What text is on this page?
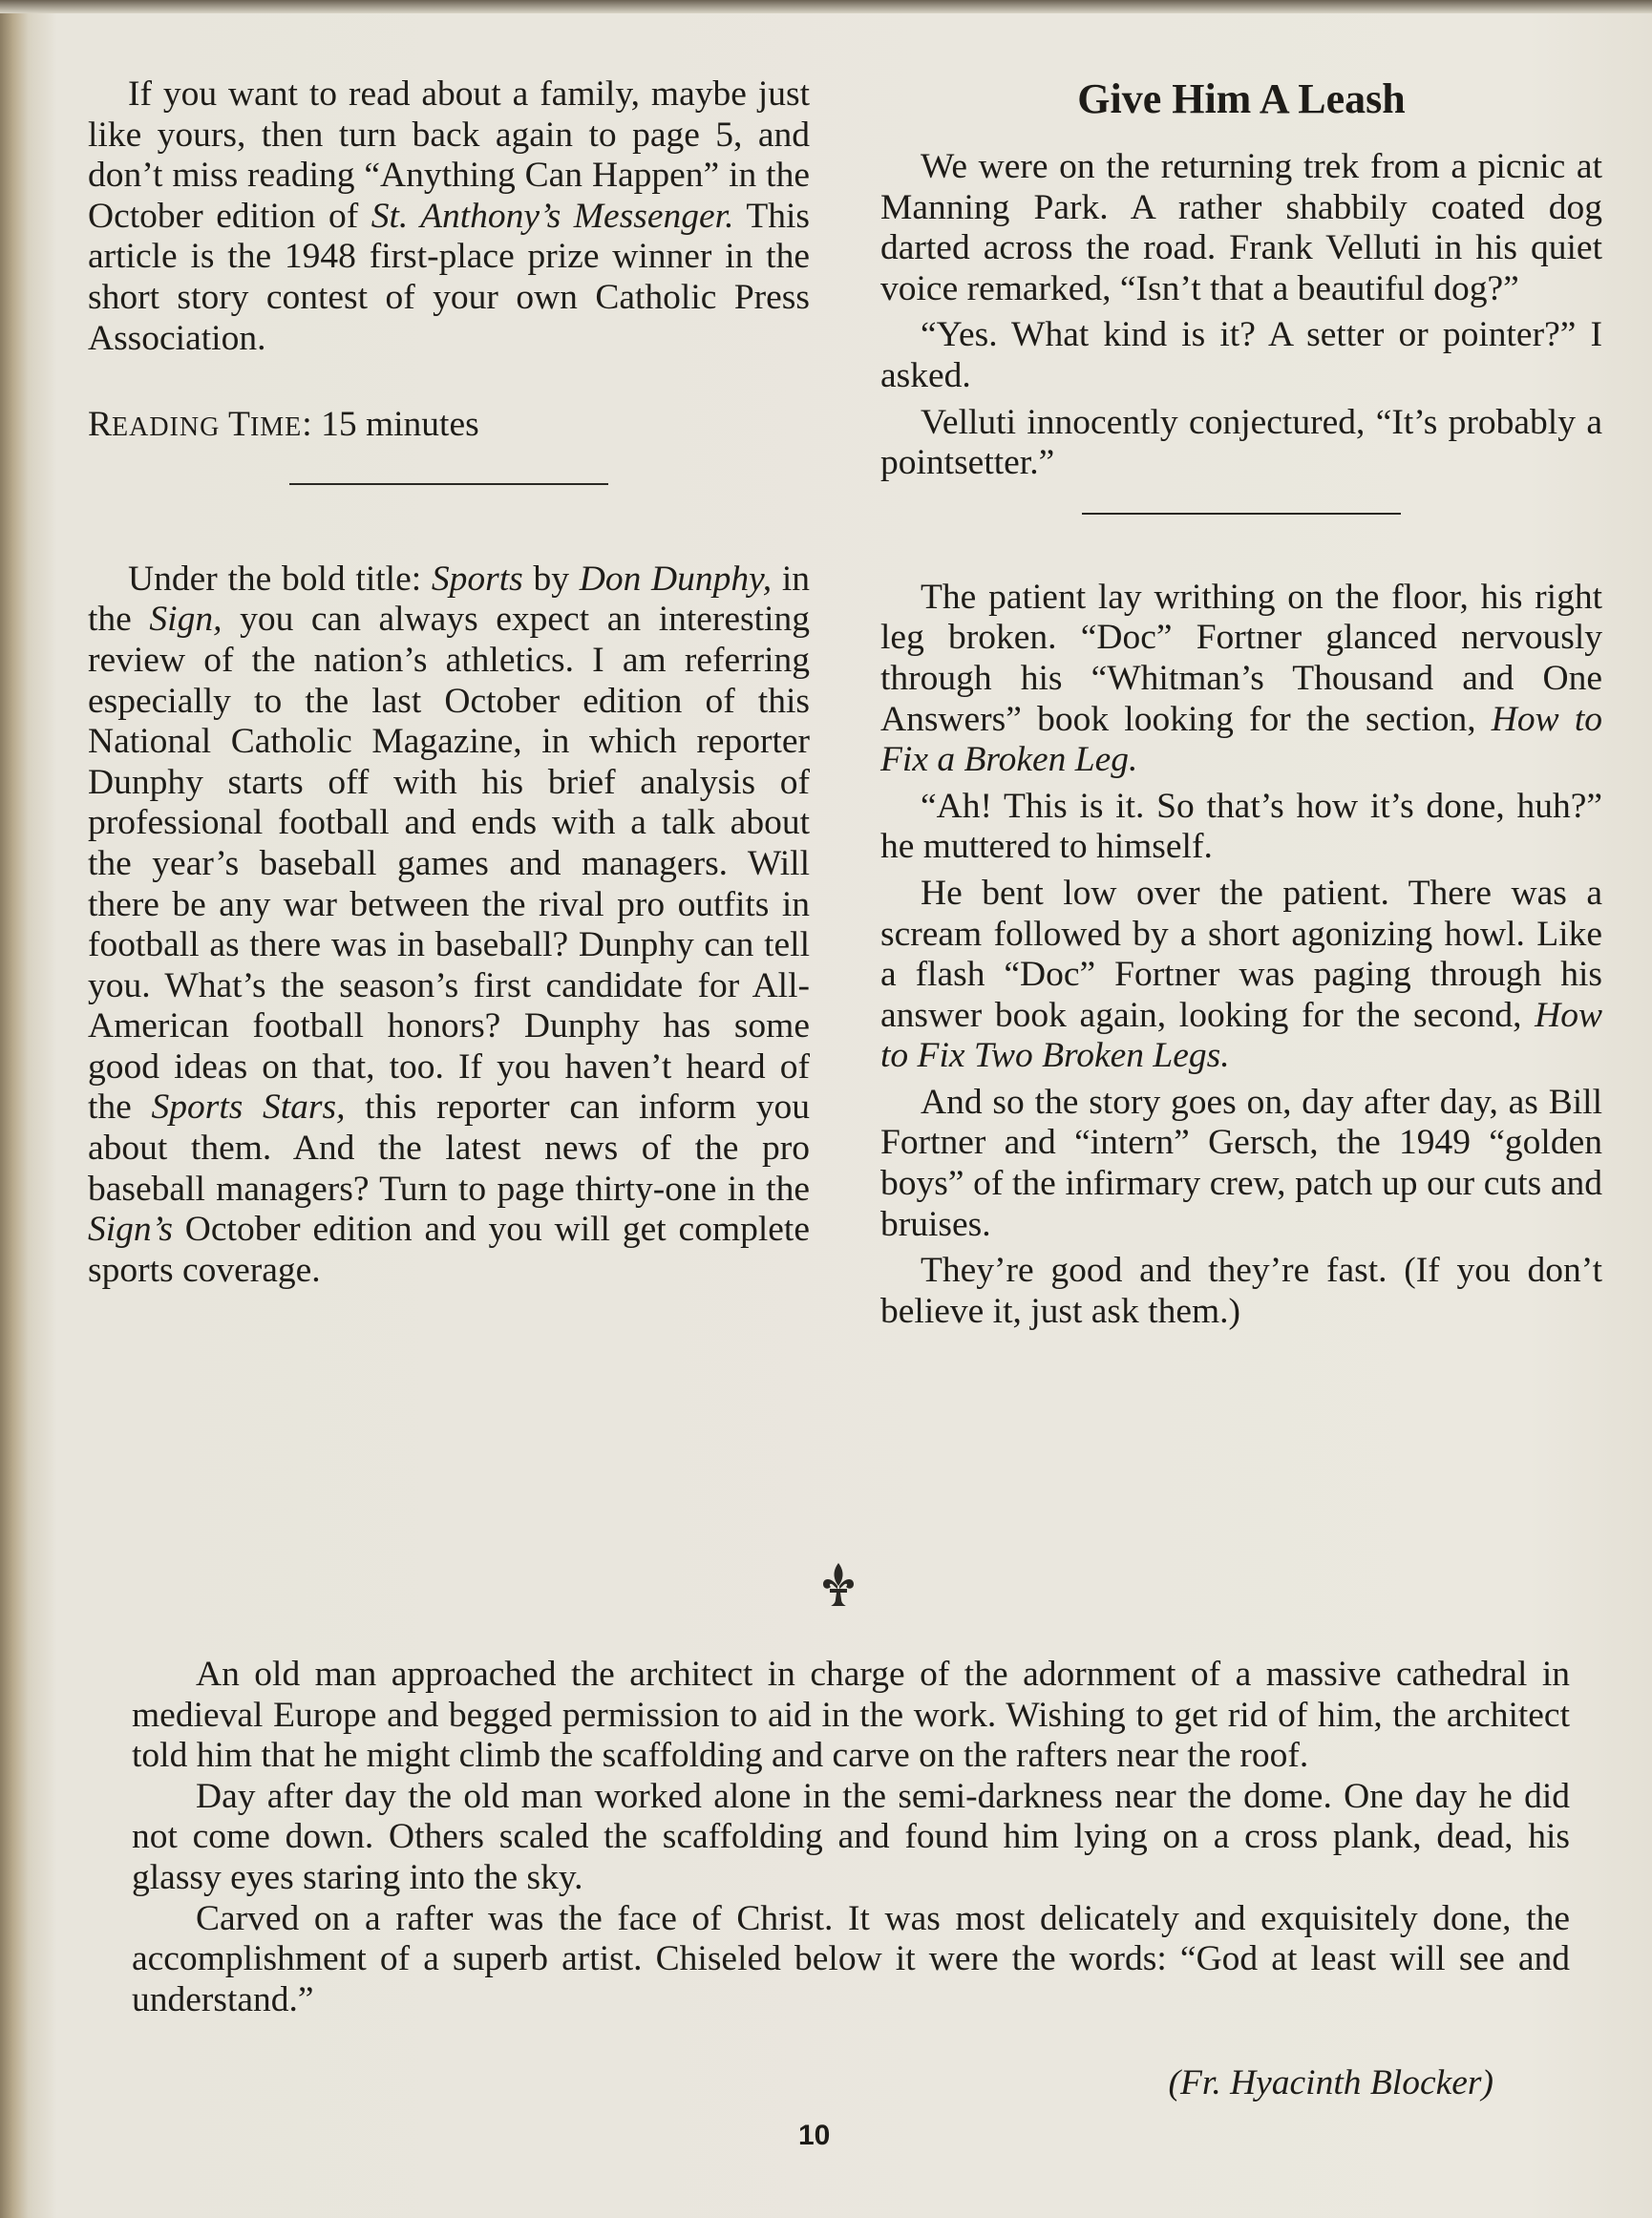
If you want to read about a family, maybe just like yours, then turn back again to page 5, and don’t miss reading “Anything Can Happen” in the October edition of St. Anthony’s Messenger. This article is the 1948 first-place prize winner in the short story contest of your own Catholic Press Association.

READING TIME: 15 minutes

Under the bold title: Sports by Don Dunphy, in the Sign, you can always expect an interesting review of the nation’s athletics. I am referring especially to the last October edition of this National Catholic Magazine, in which reporter Dunphy starts off with his brief analysis of professional football and ends with a talk about the year’s baseball games and managers. Will there be any war between the rival pro outfits in football as there was in baseball? Dunphy can tell you. What’s the season’s first candidate for All-American football honors? Dunphy has some good ideas on that, too. If you haven’t heard of the Sports Stars, this reporter can inform you about them. And the latest news of the pro baseball managers? Turn to page thirty-one in the Sign’s October edition and you will get complete sports coverage.

Give Him A Leash

We were on the returning trek from a picnic at Manning Park. A rather shabbily coated dog darted across the road. Frank Velluti in his quiet voice remarked, “Isn’t that a beautiful dog?”

“Yes. What kind is it? A setter or pointer?” I asked.

Velluti innocently conjectured, “It’s probably a pointsetter.”

The patient lay writhing on the floor, his right leg broken. “Doc” Fortner glanced nervously through his “Whitman’s Thousand and One Answers” book looking for the section, How to Fix a Broken Leg.

“Ah! This is it. So that’s how it’s done, huh?” he muttered to himself.

He bent low over the patient. There was a scream followed by a short agonizing howl. Like a flash “Doc” Fortner was paging through his answer book again, looking for the second, How to Fix Two Broken Legs.

And so the story goes on, day after day, as Bill Fortner and “intern” Gersch, the 1949 “golden boys” of the infirmary crew, patch up our cuts and bruises.

They’re good and they’re fast. (If you don’t believe it, just ask them.)

An old man approached the architect in charge of the adornment of a massive cathedral in medieval Europe and begged permission to aid in the work. Wishing to get rid of him, the architect told him that he might climb the scaffolding and carve on the rafters near the roof.

Day after day the old man worked alone in the semi-darkness near the dome. One day he did not come down. Others scaled the scaffolding and found him lying on a cross plank, dead, his glassy eyes staring into the sky.

Carved on a rafter was the face of Christ. It was most delicately and exquisitely done, the accomplishment of a superb artist. Chiseled below it were the words: “God at least will see and understand.”

(Fr. Hyacinth Blocker)
10
